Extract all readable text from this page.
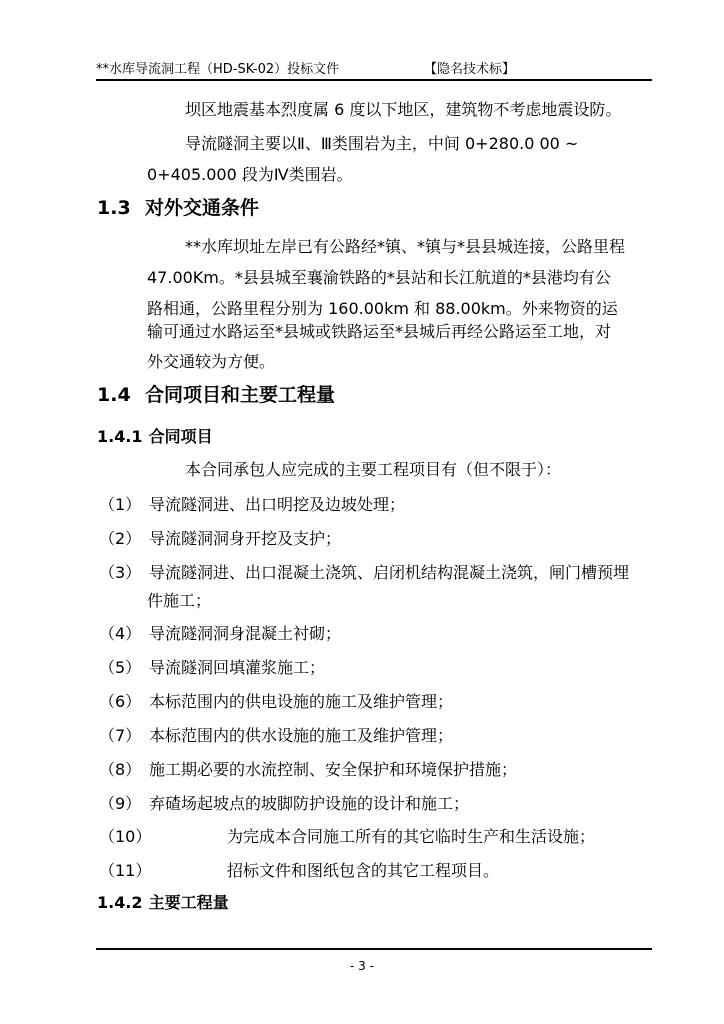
**水库导流洞工程（HD-SK-02）投标文件	【隐名技术标】
坝区地震基本烈度属 6 度以下地区，建筑物不考虑地震设防。
导流隧洞主要以Ⅱ、Ⅲ类围岩为主，中间 0+280.0 00 ~
0+405.000 段为Ⅳ类围岩。
1.3 对外交通条件
**水库坝址左岸已有公路经*镇、*镇与*县县城连接，公路里程
47.00Km。*县县城至襄渝铁路的*县站和长江航道的*县港均有公
路相通，公路里程分别为 160.00km 和 88.00km。外来物资的运
输可通过水路运至*县城或铁路运至*县城后再经公路运至工地，对
外交通较为方便。
1.4 合同项目和主要工程量
1.4.1 合同项目
本合同承包人应完成的主要工程项目有（但不限于）：
（1） 导流隧洞进、出口明挖及边坡处理；
（2） 导流隧洞洞身开挖及支护；
（3） 导流隧洞进、出口混凝土浇筑、启闭机结构混凝土浇筑，闸门槽预埋
件施工；
（4） 导流隧洞洞身混凝土衬砌；
（5） 导流隧洞回填灌浆施工；
（6） 本标范围内的供电设施的施工及维护管理；
（7） 本标范围内的供水设施的施工及维护管理；
（8） 施工期必要的水流控制、安全保护和环境保护措施；
（9） 弃碴场起坡点的坡脚防护设施的设计和施工；
（10）	为完成本合同施工所有的其它临时生产和生活设施；
（11）	招标文件和图纸包含的其它工程项目。
1.4.2 主要工程量
- 3 -
